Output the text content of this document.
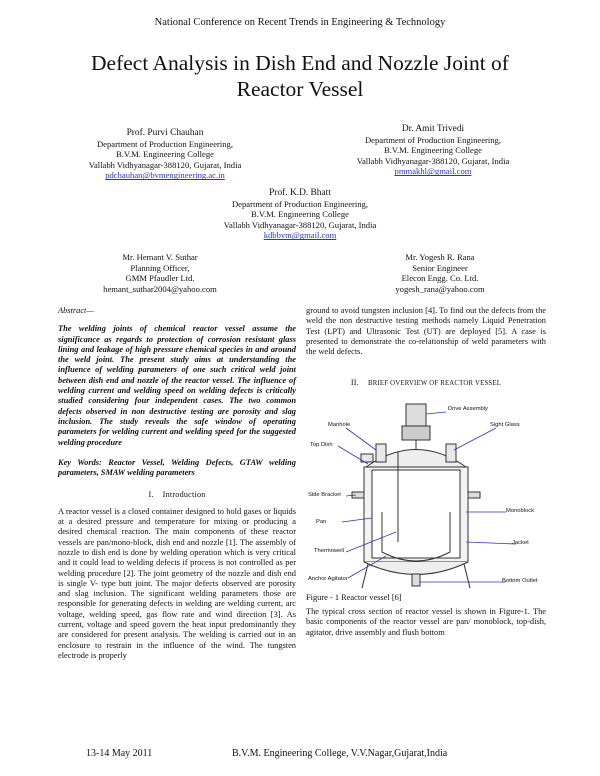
National Conference on Recent Trends in Engineering & Technology
Defect Analysis in Dish End and Nozzle Joint of
Reactor Vessel
Prof. Purvi Chauhan
Department of Production Engineering,
B.V.M. Engineering College
Vallabh Vidhyanagar-388120, Gujarat, India
pdchauhan@bvmengineering.ac.in
Dr. Amit Trivedi
Department of Production Engineering,
B.V.M. Engineering College
Vallabh Vidhyanagar-388120, Gujarat, India
pmmakhl@gmail.com
Prof. K.D. Bhatt
Department of Production Engineering,
B.V.M. Engineering College
Vallabh Vidhyanagar-388120, Gujarat, India
kdbbvm@gmail.com
Mr. Hemant V. Suthar
Planning Officer,
GMM Pfaudler Ltd.
hemant_suthar2004@yahoo.com
Mr. Yogesh R. Rana
Senior Engineer
Elecon Engg. Co. Ltd.
yogesh_rana@yahoo.com
Abstract—
The welding joints of chemical reactor vessel assume the significance as regards to protection of corrosion resistant glass lining and leakage of high pressure chemical species in and around the weld joint. The present study aims at understanding the influence of welding parameters of one such critical weld joint between dish end and nozzle of the reactor vessel. The influence of welding current and welding speed on welding defects is critically studied considering four independent cases. The two common defects observed in non destructive testing are porosity and slag inclusion. The study reveals the safe window of operating parameters for welding current and welding speed for the suggested welding procedure
Key Words: Reactor Vessel, Welding Defects, GTAW welding parameters, SMAW welding parameters
I. Introduction
A reactor vessel is a closed container designed to hold gases or liquids at a desired pressure and temperature for mixing or producing a desired chemical reaction. The main components of these reactor vessels are pan/mono-block, dish end and nozzle [1]. The assembly of nozzle to dish end is done by welding operation which is very critical and it could lead to welding defects if process is not controlled as per welding procedure [2]. The joint geometry of the nozzle and dish end is single V- type butt joint. The major defects observed are porosity and slag inclusion. The significant welding parameters those are responsible for generating defects in welding are welding current, arc voltage, welding speed, gas flow rate and wind direction [3]. As current, voltage and speed govern the heat input predominantly they are considered for present analysis. The welding is carried out in an enclosure to restrain in the influence of the wind. The tungsten electrode is properly
ground to avoid tungsten inclusion [4]. To find out the defects from the weld the non destructive testing methods namely Liquid Penetration Test (LPT) and Ultrasonic Test (UT) are deployed [5]. A case is presented to demonstrate the co-relationship of weld parameters with the weld defects.
II. BRIEF OVERVIEW OF REACTOR VESSEL
Drive Assembly
Manhole	Sight Glass
Top Dish
Side Bracket
Pan
Monoblock
Thermowell
Jacket
Anchor Agitator	Bottom Outlet
Figure - 1 Reactor vessel [6]
The typical cross section of reactor vessel is shown in Figure-1. The basic components of the reactor vessel are pan/ monoblock, top-dish, agitator, drive assembly and flush bottom
13-14 May 2011	B.V.M. Engineering College, V.V.Nagar,Gujarat,India
